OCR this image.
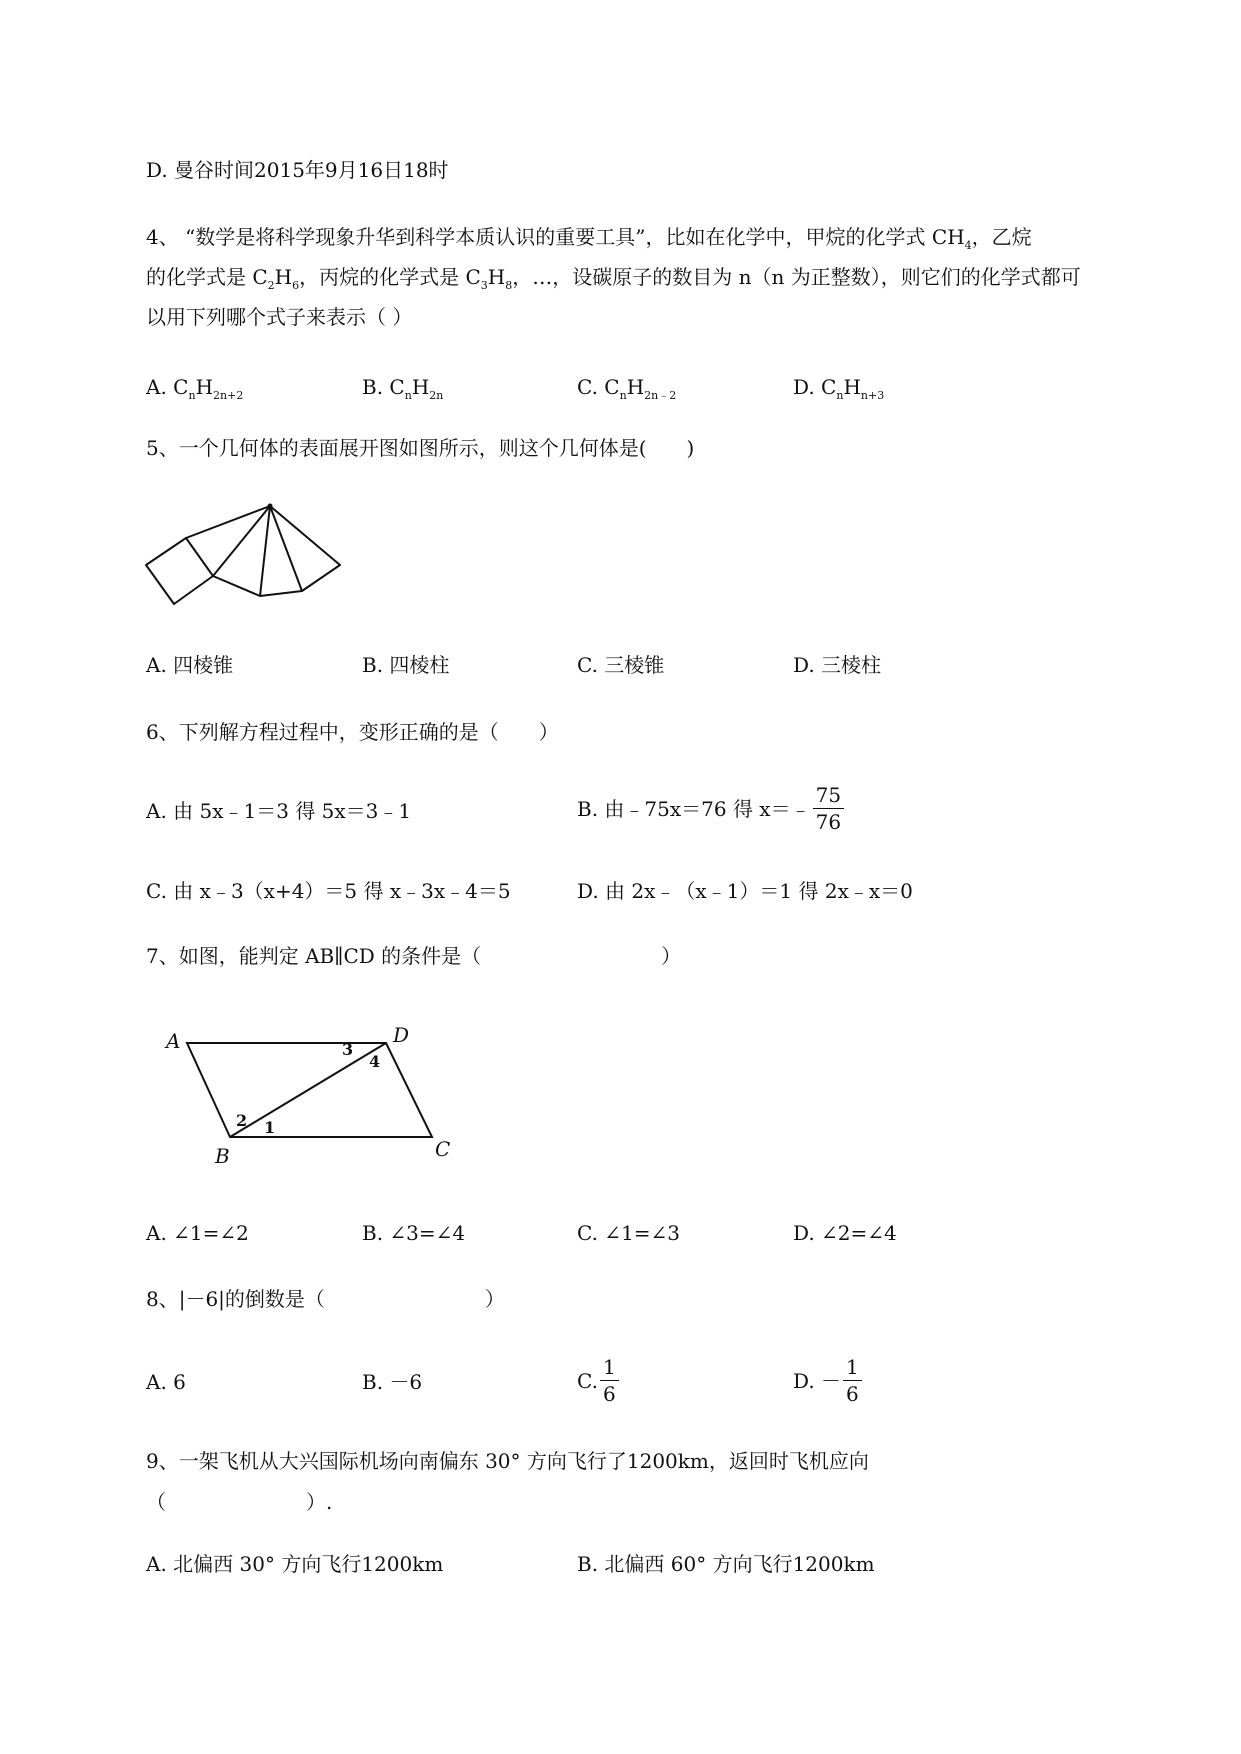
D. 曼谷时间2015年9月16日18时
4、 “数学是将科学现象升华到科学本质认识的重要工具”，比如在化学中，甲烷的化学式 $CH_4$，乙烷
的化学式是 $C_2H_6$，丙烷的化学式是 $C_3H_8$，…，设碳原子的数目为 n（n 为正整数），则它们的化学式都可
以用下列哪个式子来表示（ ）
A. $C_nH_{2n+2}$	B. $C_nH_{2n}$	C. $C_nH_{2n﹣2}$	D. $C_nH_{n+3}$
5、一个几何体的表面展开图如图所示，则这个几何体是(　　)
A. 四棱锥	B. 四棱柱	C. 三棱锥	D. 三棱柱
6、下列解方程过程中，变形正确的是（　　）
A. 由 5x﹣1＝3 得 5x＝3﹣1	B. 由﹣75x＝76 得 x＝﹣ $\frac{75}{76}$
C. 由 x﹣3（x+4）＝5 得 x﹣3x﹣4＝5	D. 由 2x﹣（x﹣1）＝1 得 2x﹣x＝0
7、如图，能判定 AB∥CD 的条件是（　　　　　　　　　）
A	D
B	C
3
4
2 1
A. ∠1=∠2	B. ∠3=∠4	C. ∠1=∠3	D. ∠2=∠4
8、|－6|的倒数是（　　　　　　　　）
A. 6	B. －6	C. $\frac{1}{6}$	D. － $\frac{1}{6}$
9、一架飞机从大兴国际机场向南偏东 30° 方向飞行了1200km，返回时飞机应向
（　　　　　　　）.
A. 北偏西 30° 方向飞行1200km	B. 北偏西 60° 方向飞行1200km
